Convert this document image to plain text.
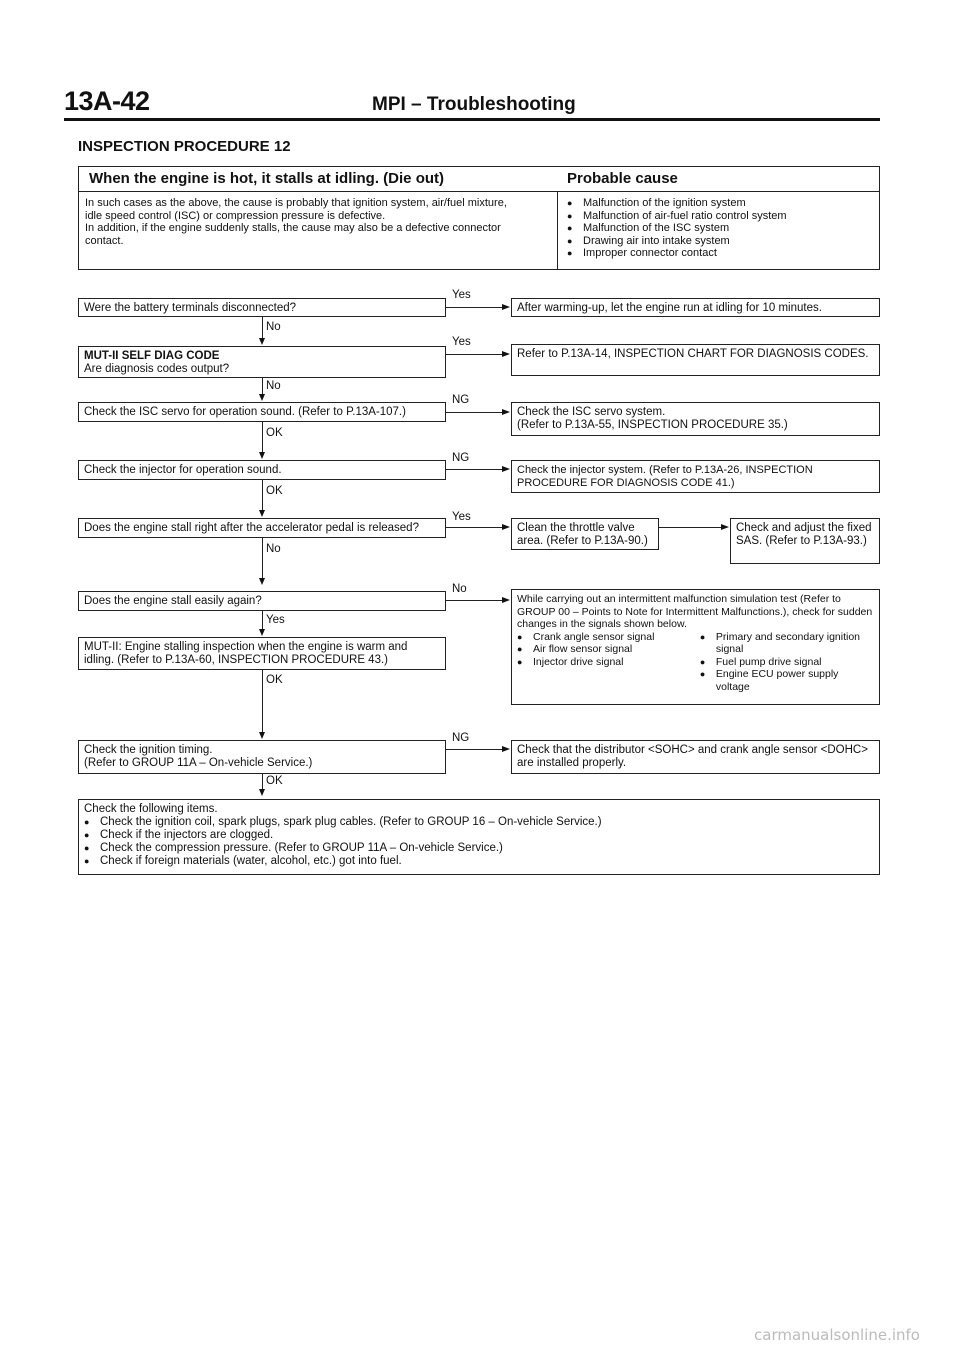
13A-42	MPI – Troubleshooting
INSPECTION PROCEDURE 12
When the engine is hot, it stalls at idling. (Die out)	Probable cause
In such cases as the above, the cause is probably that ignition system, air/fuel mixture,
idle speed control (ISC) or compression pressure is defective.
In addition, if the engine suddenly stalls, the cause may also be a defective connector
contact.
● Malfunction of the ignition system
● Malfunction of air-fuel ratio control system
● Malfunction of the ISC system
● Drawing air into intake system
● Improper connector contact
Were the battery terminals disconnected?
Yes
After warming-up, let the engine run at idling for 10 minutes.
No
MUT-II SELF DIAG CODE
Are diagnosis codes output?
Yes
Refer to P.13A-14, INSPECTION CHART FOR DIAGNOSIS CODES.
No
Check the ISC servo for operation sound. (Refer to P.13A-107.)
NG
Check the ISC servo system.
(Refer to P.13A-55, INSPECTION PROCEDURE 35.)
OK
Check the injector for operation sound.
NG
Check the injector system. (Refer to P.13A-26, INSPECTION PROCEDURE FOR DIAGNOSIS CODE 41.)
OK
Does the engine stall right after the accelerator pedal is released?
Yes
Clean the throttle valve area. (Refer to P.13A-90.)
Check and adjust the fixed SAS. (Refer to P.13A-93.)
No
Does the engine stall easily again?
No
While carrying out an intermittent malfunction simulation test (Refer to GROUP 00 – Points to Note for Intermittent Malfunctions.), check for sudden changes in the signals shown below.
● Crank angle sensor signal
● Air flow sensor signal
● Injector drive signal
● Primary and secondary ignition signal
● Fuel pump drive signal
● Engine ECU power supply voltage
Yes
MUT-II: Engine stalling inspection when the engine is warm and idling. (Refer to P.13A-60, INSPECTION PROCEDURE 43.)
OK
Check the ignition timing.
(Refer to GROUP 11A – On-vehicle Service.)
NG
Check that the distributor <SOHC> and crank angle sensor <DOHC> are installed properly.
OK
Check the following items.
● Check the ignition coil, spark plugs, spark plug cables. (Refer to GROUP 16 – On-vehicle Service.)
● Check if the injectors are clogged.
● Check the compression pressure. (Refer to GROUP 11A – On-vehicle Service.)
● Check if foreign materials (water, alcohol, etc.) got into fuel.
carmanualsonline.info
